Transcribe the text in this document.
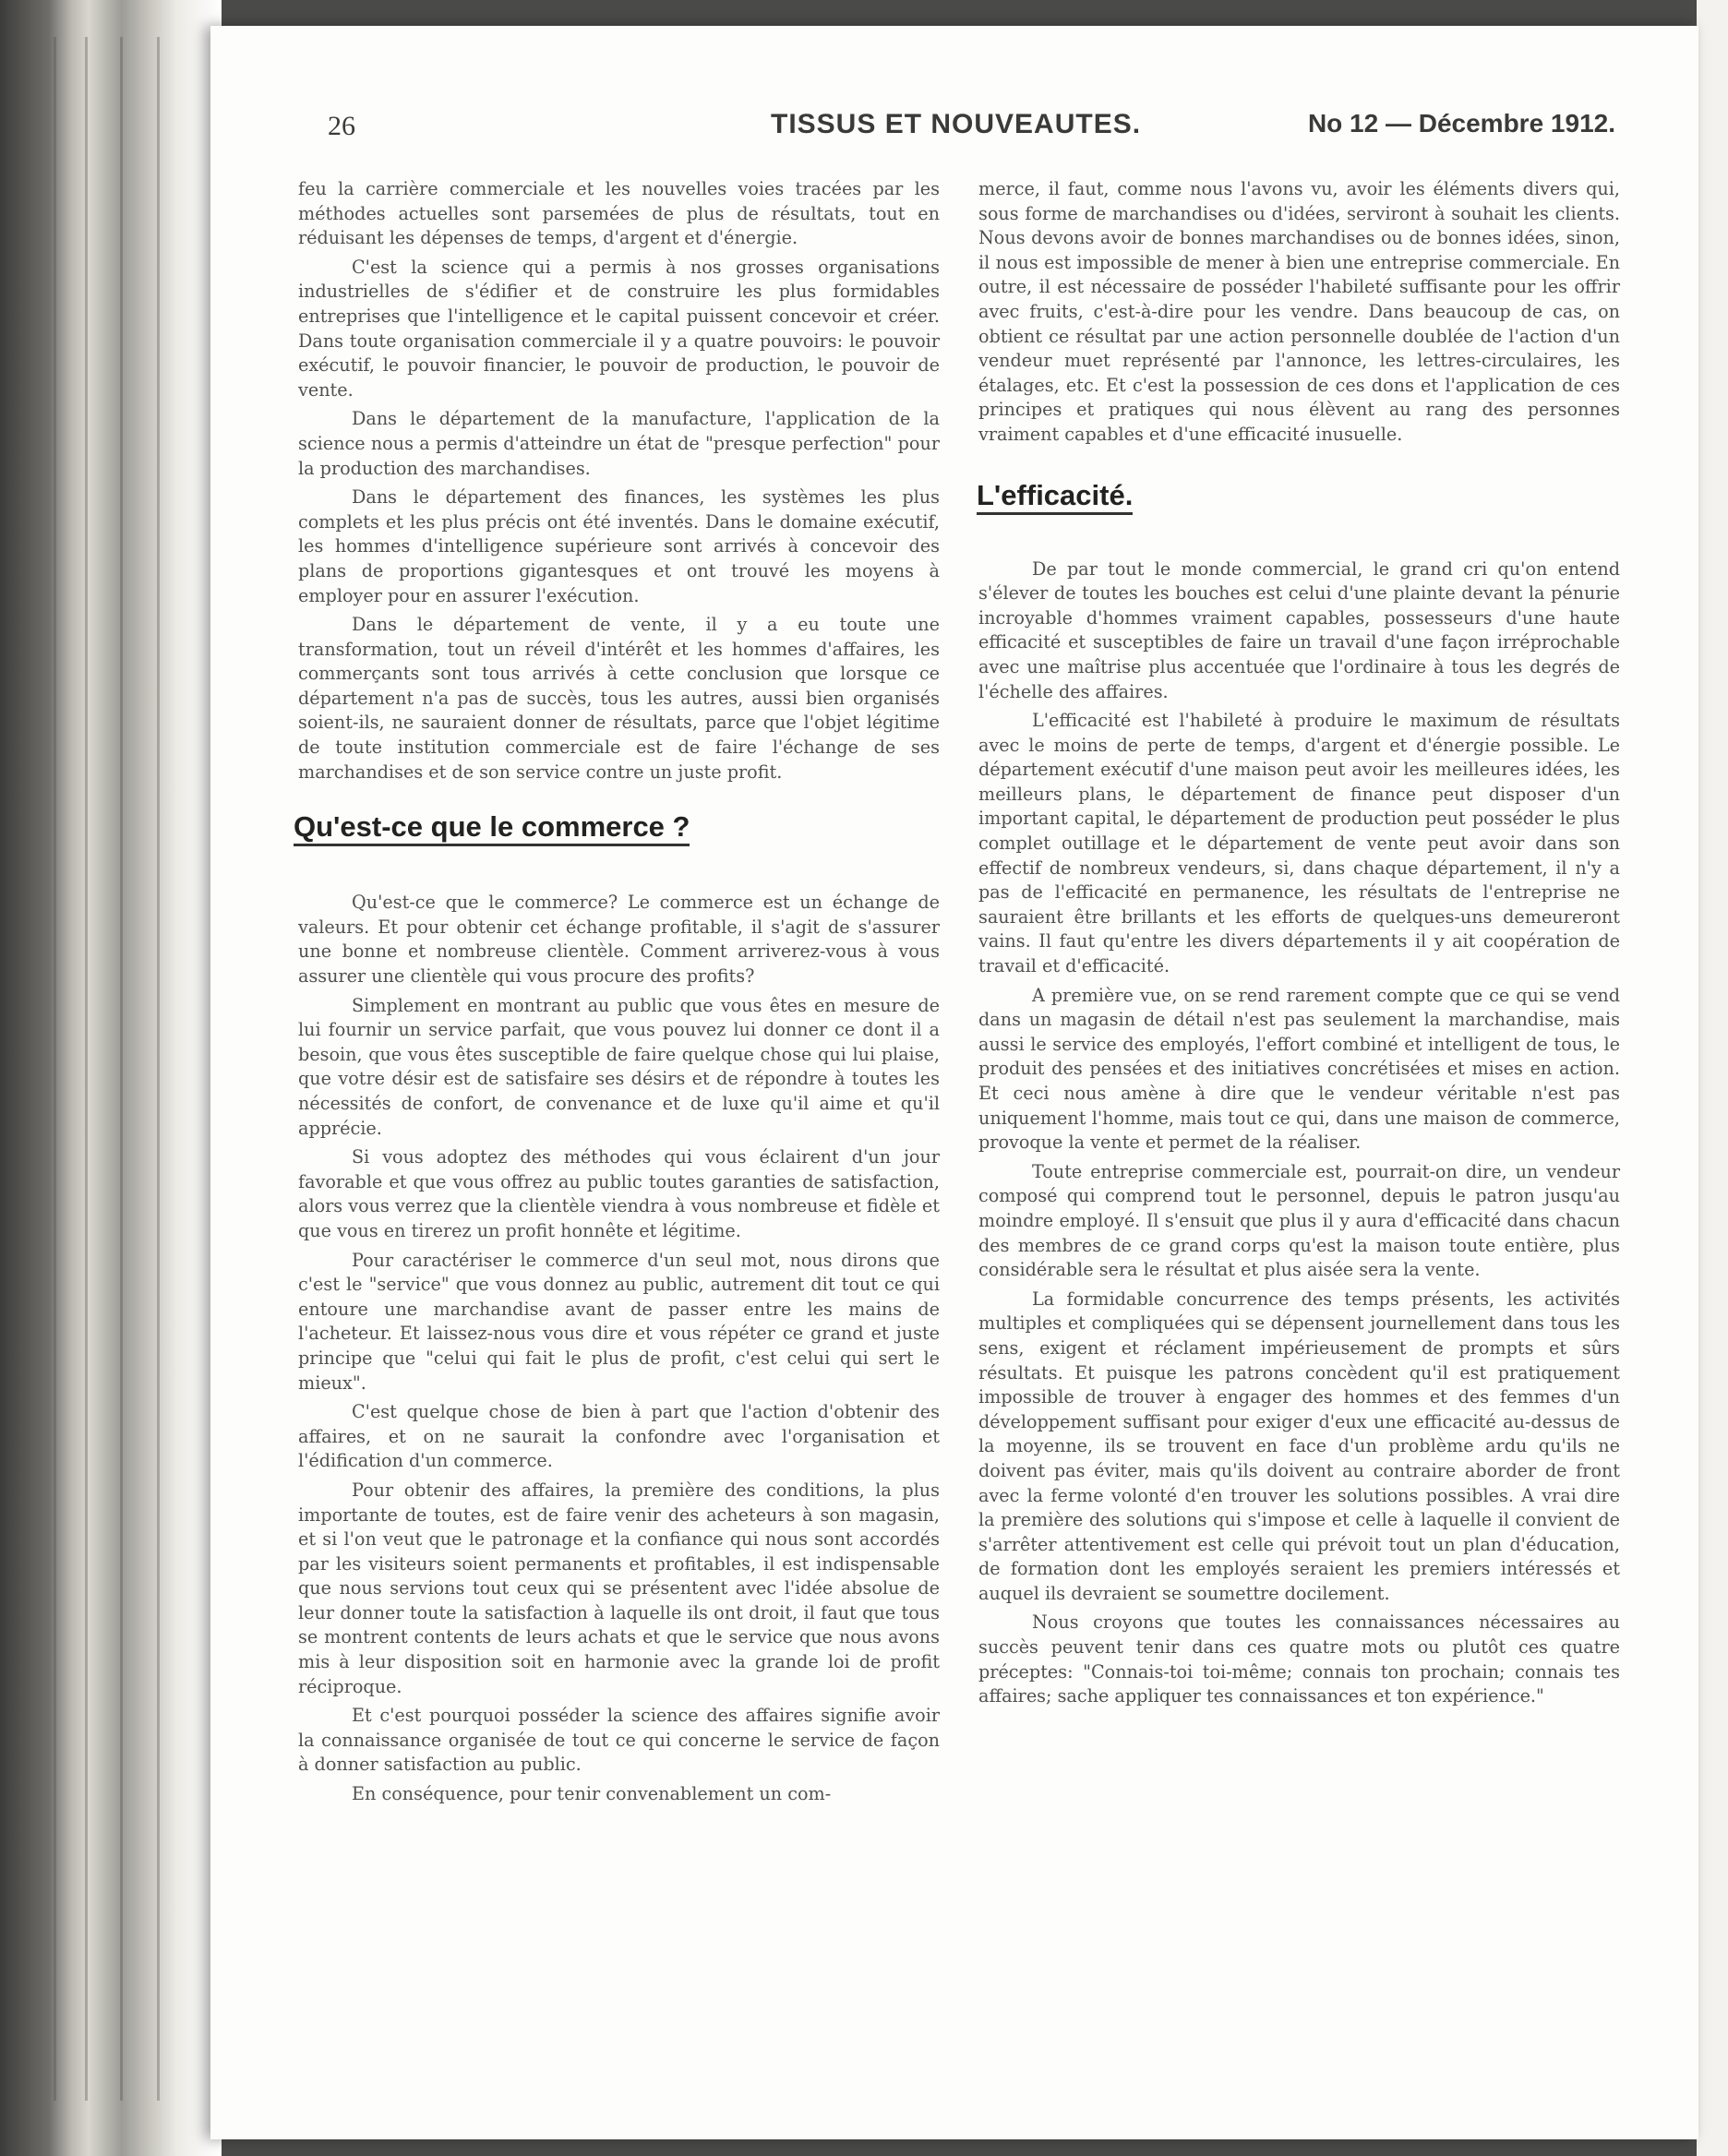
26	TISSUS ET NOUVEAUTES.	No 12 — Décembre 1912.

feu la carrière commerciale et les nouvelles voies tracées par les méthodes actuelles sont parsemées de plus de résultats, tout en réduisant les dépenses de temps, d'argent et d'énergie.

C'est la science qui a permis à nos grosses organisations industrielles de s'édifier et de construire les plus formidables entreprises que l'intelligence et le capital puissent concevoir et créer. Dans toute organisation commerciale il y a quatre pouvoirs: le pouvoir exécutif, le pouvoir financier, le pouvoir de production, le pouvoir de vente.

Dans le département de la manufacture, l'application de la science nous a permis d'atteindre un état de "presque perfection" pour la production des marchandises.

Dans le département des finances, les systèmes les plus complets et les plus précis ont été inventés. Dans le domaine exécutif, les hommes d'intelligence supérieure sont arrivés à concevoir des plans de proportions gigantesques et ont trouvé les moyens à employer pour en assurer l'exécution.

Dans le département de vente, il y a eu toute une transformation, tout un réveil d'intérêt et les hommes d'affaires, les commerçants sont tous arrivés à cette conclusion que lorsque ce département n'a pas de succès, tous les autres, aussi bien organisés soient-ils, ne sauraient donner de résultats, parce que l'objet légitime de toute institution commerciale est de faire l'échange de ses marchandises et de son service contre un juste profit.

Qu'est-ce que le commerce ?

Qu'est-ce que le commerce? Le commerce est un échange de valeurs. Et pour obtenir cet échange profitable, il s'agit de s'assurer une bonne et nombreuse clientèle. Comment arriverez-vous à vous assurer une clientèle qui vous procure des profits?

Simplement en montrant au public que vous êtes en mesure de lui fournir un service parfait, que vous pouvez lui donner ce dont il a besoin, que vous êtes susceptible de faire quelque chose qui lui plaise, que votre désir est de satisfaire ses désirs et de répondre à toutes les nécessités de confort, de convenance et de luxe qu'il aime et qu'il apprécie.

Si vous adoptez des méthodes qui vous éclairent d'un jour favorable et que vous offrez au public toutes garanties de satisfaction, alors vous verrez que la clientèle viendra à vous nombreuse et fidèle et que vous en tirerez un profit honnête et légitime.

Pour caractériser le commerce d'un seul mot, nous dirons que c'est le "service" que vous donnez au public, autrement dit tout ce qui entoure une marchandise avant de passer entre les mains de l'acheteur. Et laissez-nous vous dire et vous répéter ce grand et juste principe que "celui qui fait le plus de profit, c'est celui qui sert le mieux".

C'est quelque chose de bien à part que l'action d'obtenir des affaires, et on ne saurait la confondre avec l'organisation et l'édification d'un commerce.

Pour obtenir des affaires, la première des conditions, la plus importante de toutes, est de faire venir des acheteurs à son magasin, et si l'on veut que le patronage et la confiance qui nous sont accordés par les visiteurs soient permanents et profitables, il est indispensable que nous servions tout ceux qui se présentent avec l'idée absolue de leur donner toute la satisfaction à laquelle ils ont droit, il faut que tous se montrent contents de leurs achats et que le service que nous avons mis à leur disposition soit en harmonie avec la grande loi de profit réciproque.

Et c'est pourquoi posséder la science des affaires signifie avoir la connaissance organisée de tout ce qui concerne le service de façon à donner satisfaction au public.

En conséquence, pour tenir convenablement un com-

merce, il faut, comme nous l'avons vu, avoir les éléments divers qui, sous forme de marchandises ou d'idées, serviront à souhait les clients. Nous devons avoir de bonnes marchandises ou de bonnes idées, sinon, il nous est impossible de mener à bien une entreprise commerciale. En outre, il est nécessaire de posséder l'habileté suffisante pour les offrir avec fruits, c'est-à-dire pour les vendre. Dans beaucoup de cas, on obtient ce résultat par une action personnelle doublée de l'action d'un vendeur muet représenté par l'annonce, les lettres-circulaires, les étalages, etc. Et c'est la possession de ces dons et l'application de ces principes et pratiques qui nous élèvent au rang des personnes vraiment capables et d'une efficacité inusuelle.

L'efficacité.

De par tout le monde commercial, le grand cri qu'on entend s'élever de toutes les bouches est celui d'une plainte devant la pénurie incroyable d'hommes vraiment capables, possesseurs d'une haute efficacité et susceptibles de faire un travail d'une façon irréprochable avec une maîtrise plus accentuée que l'ordinaire à tous les degrés de l'échelle des affaires.

L'efficacité est l'habileté à produire le maximum de résultats avec le moins de perte de temps, d'argent et d'énergie possible. Le département exécutif d'une maison peut avoir les meilleures idées, les meilleurs plans, le département de finance peut disposer d'un important capital, le département de production peut posséder le plus complet outillage et le département de vente peut avoir dans son effectif de nombreux vendeurs, si, dans chaque département, il n'y a pas de l'efficacité en permanence, les résultats de l'entreprise ne sauraient être brillants et les efforts de quelques-uns demeureront vains. Il faut qu'entre les divers départements il y ait coopération de travail et d'efficacité.

A première vue, on se rend rarement compte que ce qui se vend dans un magasin de détail n'est pas seulement la marchandise, mais aussi le service des employés, l'effort combiné et intelligent de tous, le produit des pensées et des initiatives concrétisées et mises en action. Et ceci nous amène à dire que le vendeur véritable n'est pas uniquement l'homme, mais tout ce qui, dans une maison de commerce, provoque la vente et permet de la réaliser.

Toute entreprise commerciale est, pourrait-on dire, un vendeur composé qui comprend tout le personnel, depuis le patron jusqu'au moindre employé. Il s'ensuit que plus il y aura d'efficacité dans chacun des membres de ce grand corps qu'est la maison toute entière, plus considérable sera le résultat et plus aisée sera la vente.

La formidable concurrence des temps présents, les activités multiples et compliquées qui se dépensent journellement dans tous les sens, exigent et réclament impérieusement de prompts et sûrs résultats. Et puisque les patrons concèdent qu'il est pratiquement impossible de trouver à engager des hommes et des femmes d'un développement suffisant pour exiger d'eux une efficacité au-dessus de la moyenne, ils se trouvent en face d'un problème ardu qu'ils ne doivent pas éviter, mais qu'ils doivent au contraire aborder de front avec la ferme volonté d'en trouver les solutions possibles. A vrai dire la première des solutions qui s'impose et celle à laquelle il convient de s'arrêter attentivement est celle qui prévoit tout un plan d'éducation, de formation dont les employés seraient les premiers intéressés et auquel ils devraient se soumettre docilement.

Nous croyons que toutes les connaissances nécessaires au succès peuvent tenir dans ces quatre mots ou plutôt ces quatre préceptes: "Connais-toi toi-même; connais ton prochain; connais tes affaires; sache appliquer tes connaissances et ton expérience."
